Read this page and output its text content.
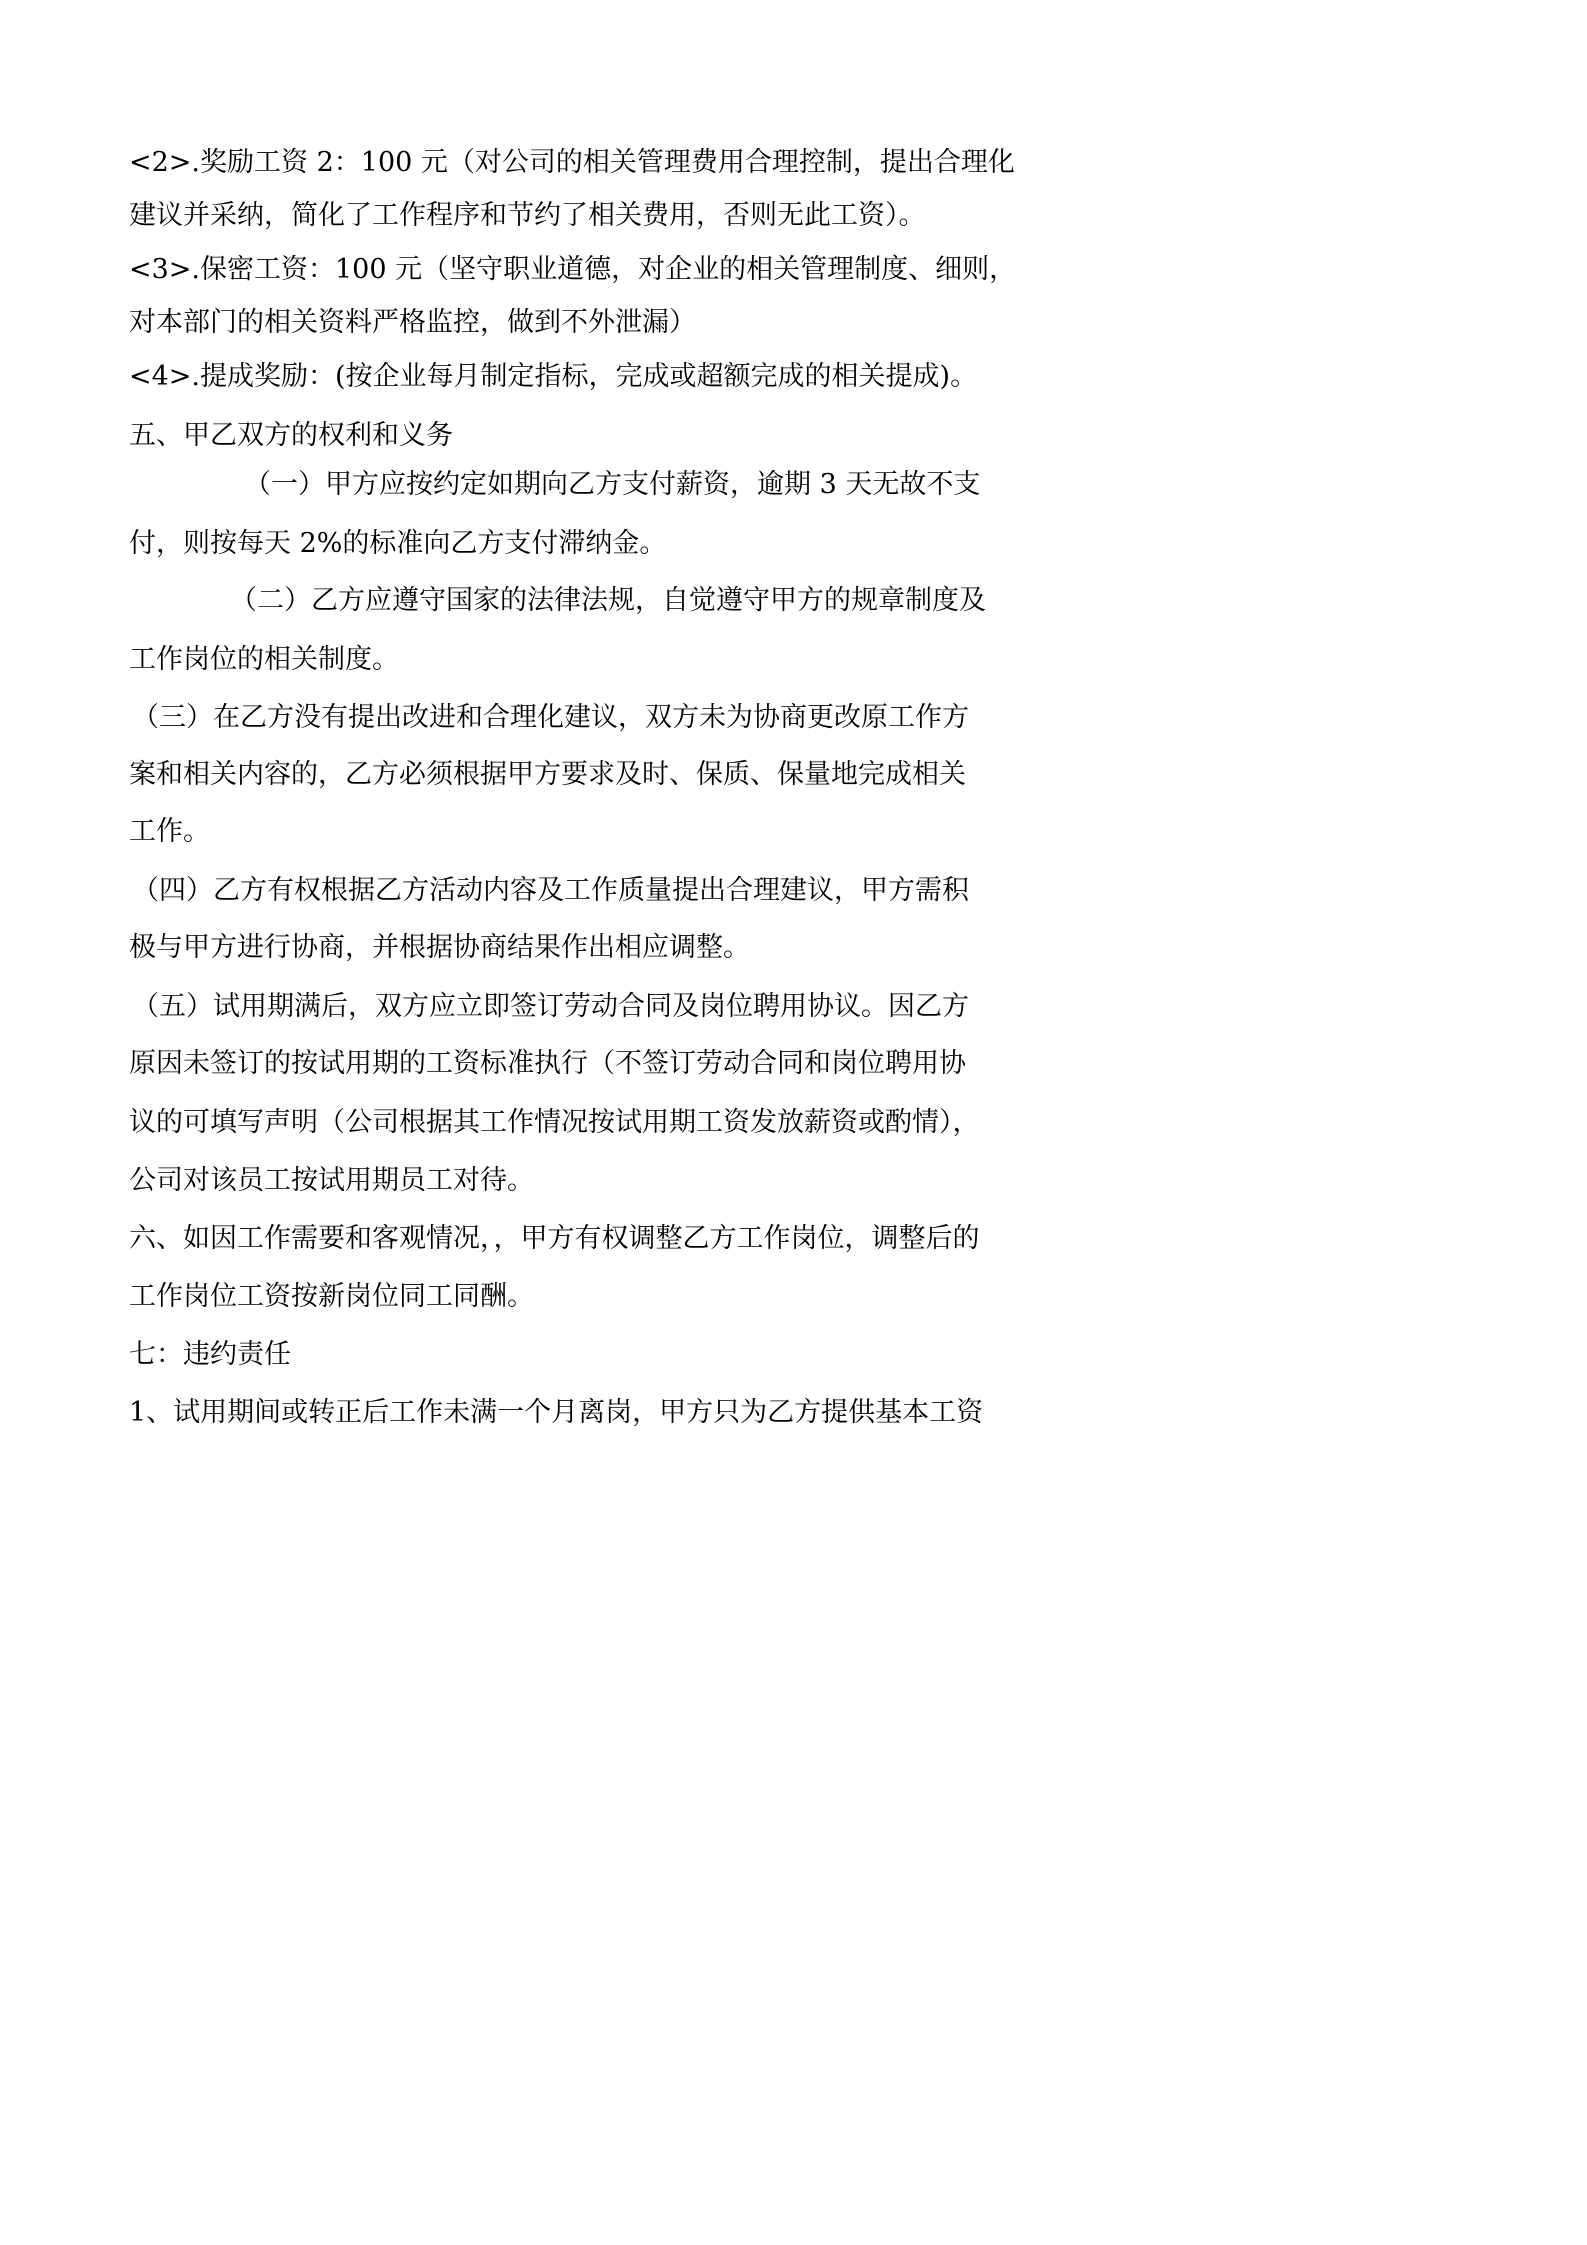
<2>.奖励工资 2：100 元（对公司的相关管理费用合理控制，提出合理化
建议并采纳，简化了工作程序和节约了相关费用，否则无此工资）。
<3>.保密工资：100 元（坚守职业道德，对企业的相关管理制度、细则，
对本部门的相关资料严格监控，做到不外泄漏）
<4>.提成奖励：(按企业每月制定指标，完成或超额完成的相关提成)。
五、甲乙双方的权利和义务
（一）甲方应按约定如期向乙方支付薪资，逾期 3 天无故不支
付，则按每天 2%的标准向乙方支付滞纳金。
（二）乙方应遵守国家的法律法规，自觉遵守甲方的规章制度及
工作岗位的相关制度。
（三）在乙方没有提出改进和合理化建议，双方未为协商更改原工作方
案和相关内容的，乙方必须根据甲方要求及时、保质、保量地完成相关
工作。
（四）乙方有权根据乙方活动内容及工作质量提出合理建议，甲方需积
极与甲方进行协商，并根据协商结果作出相应调整。
（五）试用期满后，双方应立即签订劳动合同及岗位聘用协议。因乙方
原因未签订的按试用期的工资标准执行（不签订劳动合同和岗位聘用协
议的可填写声明（公司根据其工作情况按试用期工资发放薪资或酌情），
公司对该员工按试用期员工对待。
六、如因工作需要和客观情况，，甲方有权调整乙方工作岗位，调整后的
工作岗位工资按新岗位同工同酬。
七：违约责任
1、试用期间或转正后工作未满一个月离岗，甲方只为乙方提供基本工资
